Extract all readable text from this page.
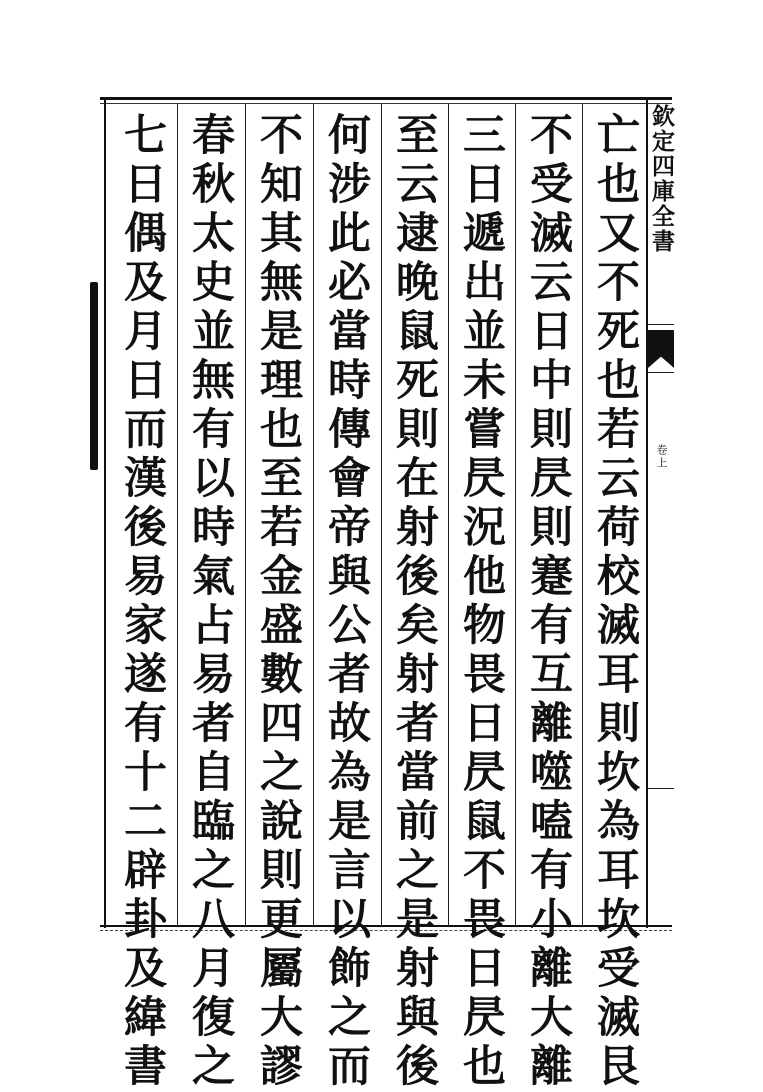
亡也又不死也若云荷校滅耳則坎為耳坎受滅艮
不受滅云日中則昃則蹇有互離噬嗑有小離大離
三日遞出並未嘗昃況他物畏日昃鼠不畏日昃也
至云逮晚鼠死則在射後矣射者當前之是射與後
何涉此必當時傳會帝與公者故為是言以飾之而
不知其無是理也至若金盛數四之說則更屬大謬
春秋太史並無有以時氣占易者自臨之八月復之
七日偶及月日而漢後易家遂有十二辟卦及緯書	欽定四庫全書
卷上
